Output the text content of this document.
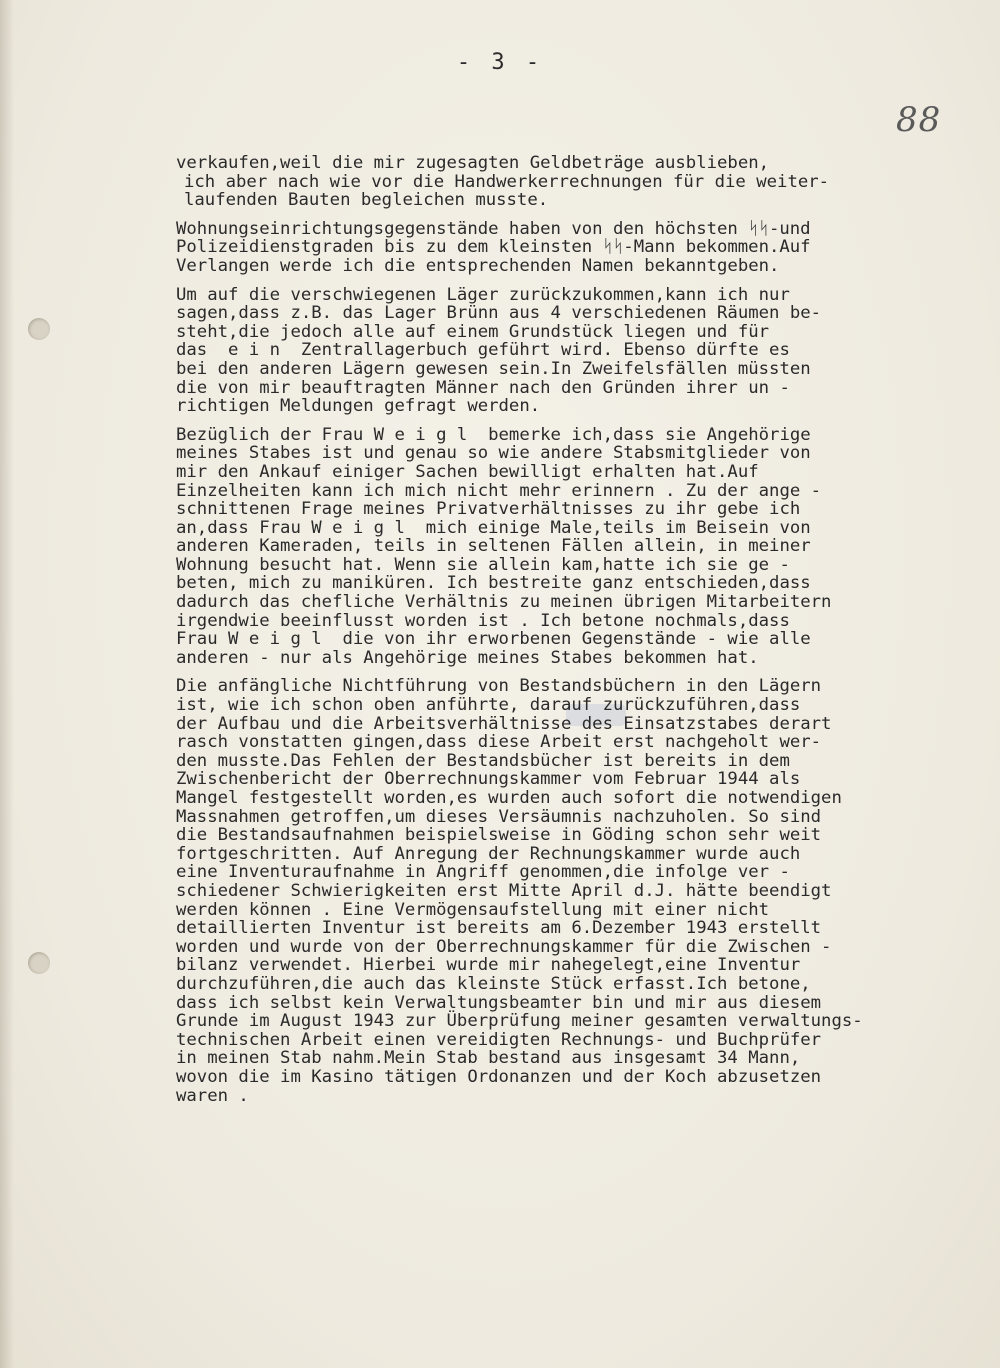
- 3 -
88
verkaufen,weil die mir zugesagten Geldbeträge ausblieben,
ich aber nach wie vor die Handwerkerrechnungen für die weiter-
laufenden Bauten begleichen musste.
Wohnungseinrichtungsgegenstände haben von den höchsten ᛋᛋ-und
Polizeidienstgraden bis zu dem kleinsten ᛋᛋ-Mann bekommen.Auf
Verlangen werde ich die entsprechenden Namen bekanntgeben.
Um auf die verschwiegenen Läger zurückzukommen,kann ich nur
sagen,dass z.B. das Lager Brünn aus 4 verschiedenen Räumen be-
steht,die jedoch alle auf einem Grundstück liegen und für
das  e i n  Zentrallagerbuch geführt wird. Ebenso dürfte es
bei den anderen Lägern gewesen sein.In Zweifelsfällen müssten
die von mir beauftragten Männer nach den Gründen ihrer un -
richtigen Meldungen gefragt werden.
Bezüglich der Frau W e i g l  bemerke ich,dass sie Angehörige
meines Stabes ist und genau so wie andere Stabsmitglieder von
mir den Ankauf einiger Sachen bewilligt erhalten hat.Auf
Einzelheiten kann ich mich nicht mehr erinnern . Zu der ange -
schnittenen Frage meines Privatverhältnisses zu ihr gebe ich
an,dass Frau W e i g l  mich einige Male,teils im Beisein von
anderen Kameraden, teils in seltenen Fällen allein, in meiner
Wohnung besucht hat. Wenn sie allein kam,hatte ich sie ge -
beten, mich zu maniküren. Ich bestreite ganz entschieden,dass
dadurch das chefliche Verhältnis zu meinen übrigen Mitarbeitern
irgendwie beeinflusst worden ist . Ich betone nochmals,dass
Frau W e i g l  die von ihr erworbenen Gegenstände - wie alle
anderen - nur als Angehörige meines Stabes bekommen hat.
Die anfängliche Nichtführung von Bestandsbüchern in den Lägern
ist, wie ich schon oben anführte, darauf zurückzuführen,dass
der Aufbau und die Arbeitsverhältnisse des Einsatzstabes derart
rasch vonstatten gingen,dass diese Arbeit erst nachgeholt wer-
den musste.Das Fehlen der Bestandsbücher ist bereits in dem
Zwischenbericht der Oberrechnungskammer vom Februar 1944 als
Mangel festgestellt worden,es wurden auch sofort die notwendigen
Massnahmen getroffen,um dieses Versäumnis nachzuholen. So sind
die Bestandsaufnahmen beispielsweise in Göding schon sehr weit
fortgeschritten. Auf Anregung der Rechnungskammer wurde auch
eine Inventuraufnahme in Angriff genommen,die infolge ver -
schiedener Schwierigkeiten erst Mitte April d.J. hätte beendigt
werden können . Eine Vermögensaufstellung mit einer nicht
detaillierten Inventur ist bereits am 6.Dezember 1943 erstellt
worden und wurde von der Oberrechnungskammer für die Zwischen -
bilanz verwendet. Hierbei wurde mir nahegelegt,eine Inventur
durchzuführen,die auch das kleinste Stück erfasst.Ich betone,
dass ich selbst kein Verwaltungsbeamter bin und mir aus diesem
Grunde im August 1943 zur Überprüfung meiner gesamten verwaltungs-
technischen Arbeit einen vereidigten Rechnungs- und Buchprüfer
in meinen Stab nahm.Mein Stab bestand aus insgesamt 34 Mann,
wovon die im Kasino tätigen Ordonanzen und der Koch abzusetzen
waren .
